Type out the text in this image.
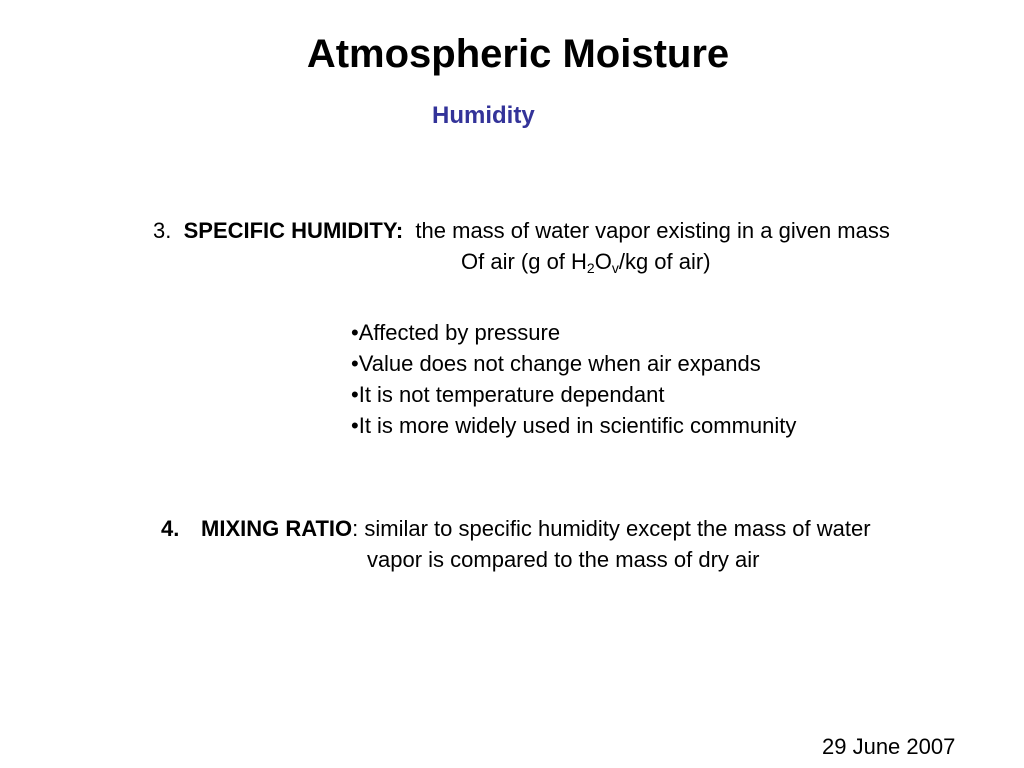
Atmospheric Moisture
Humidity
3. SPECIFIC HUMIDITY: the mass of water vapor existing in a given mass
Of air (g of $H_2O_v/kg$ of air)
•Affected by pressure
•Value does not change when air expands
•It is not temperature dependant
•It is more widely used in scientific community
4. MIXING RATIO: similar to specific humidity except the mass of water
vapor is compared to the mass of dry air
29 June 2007
